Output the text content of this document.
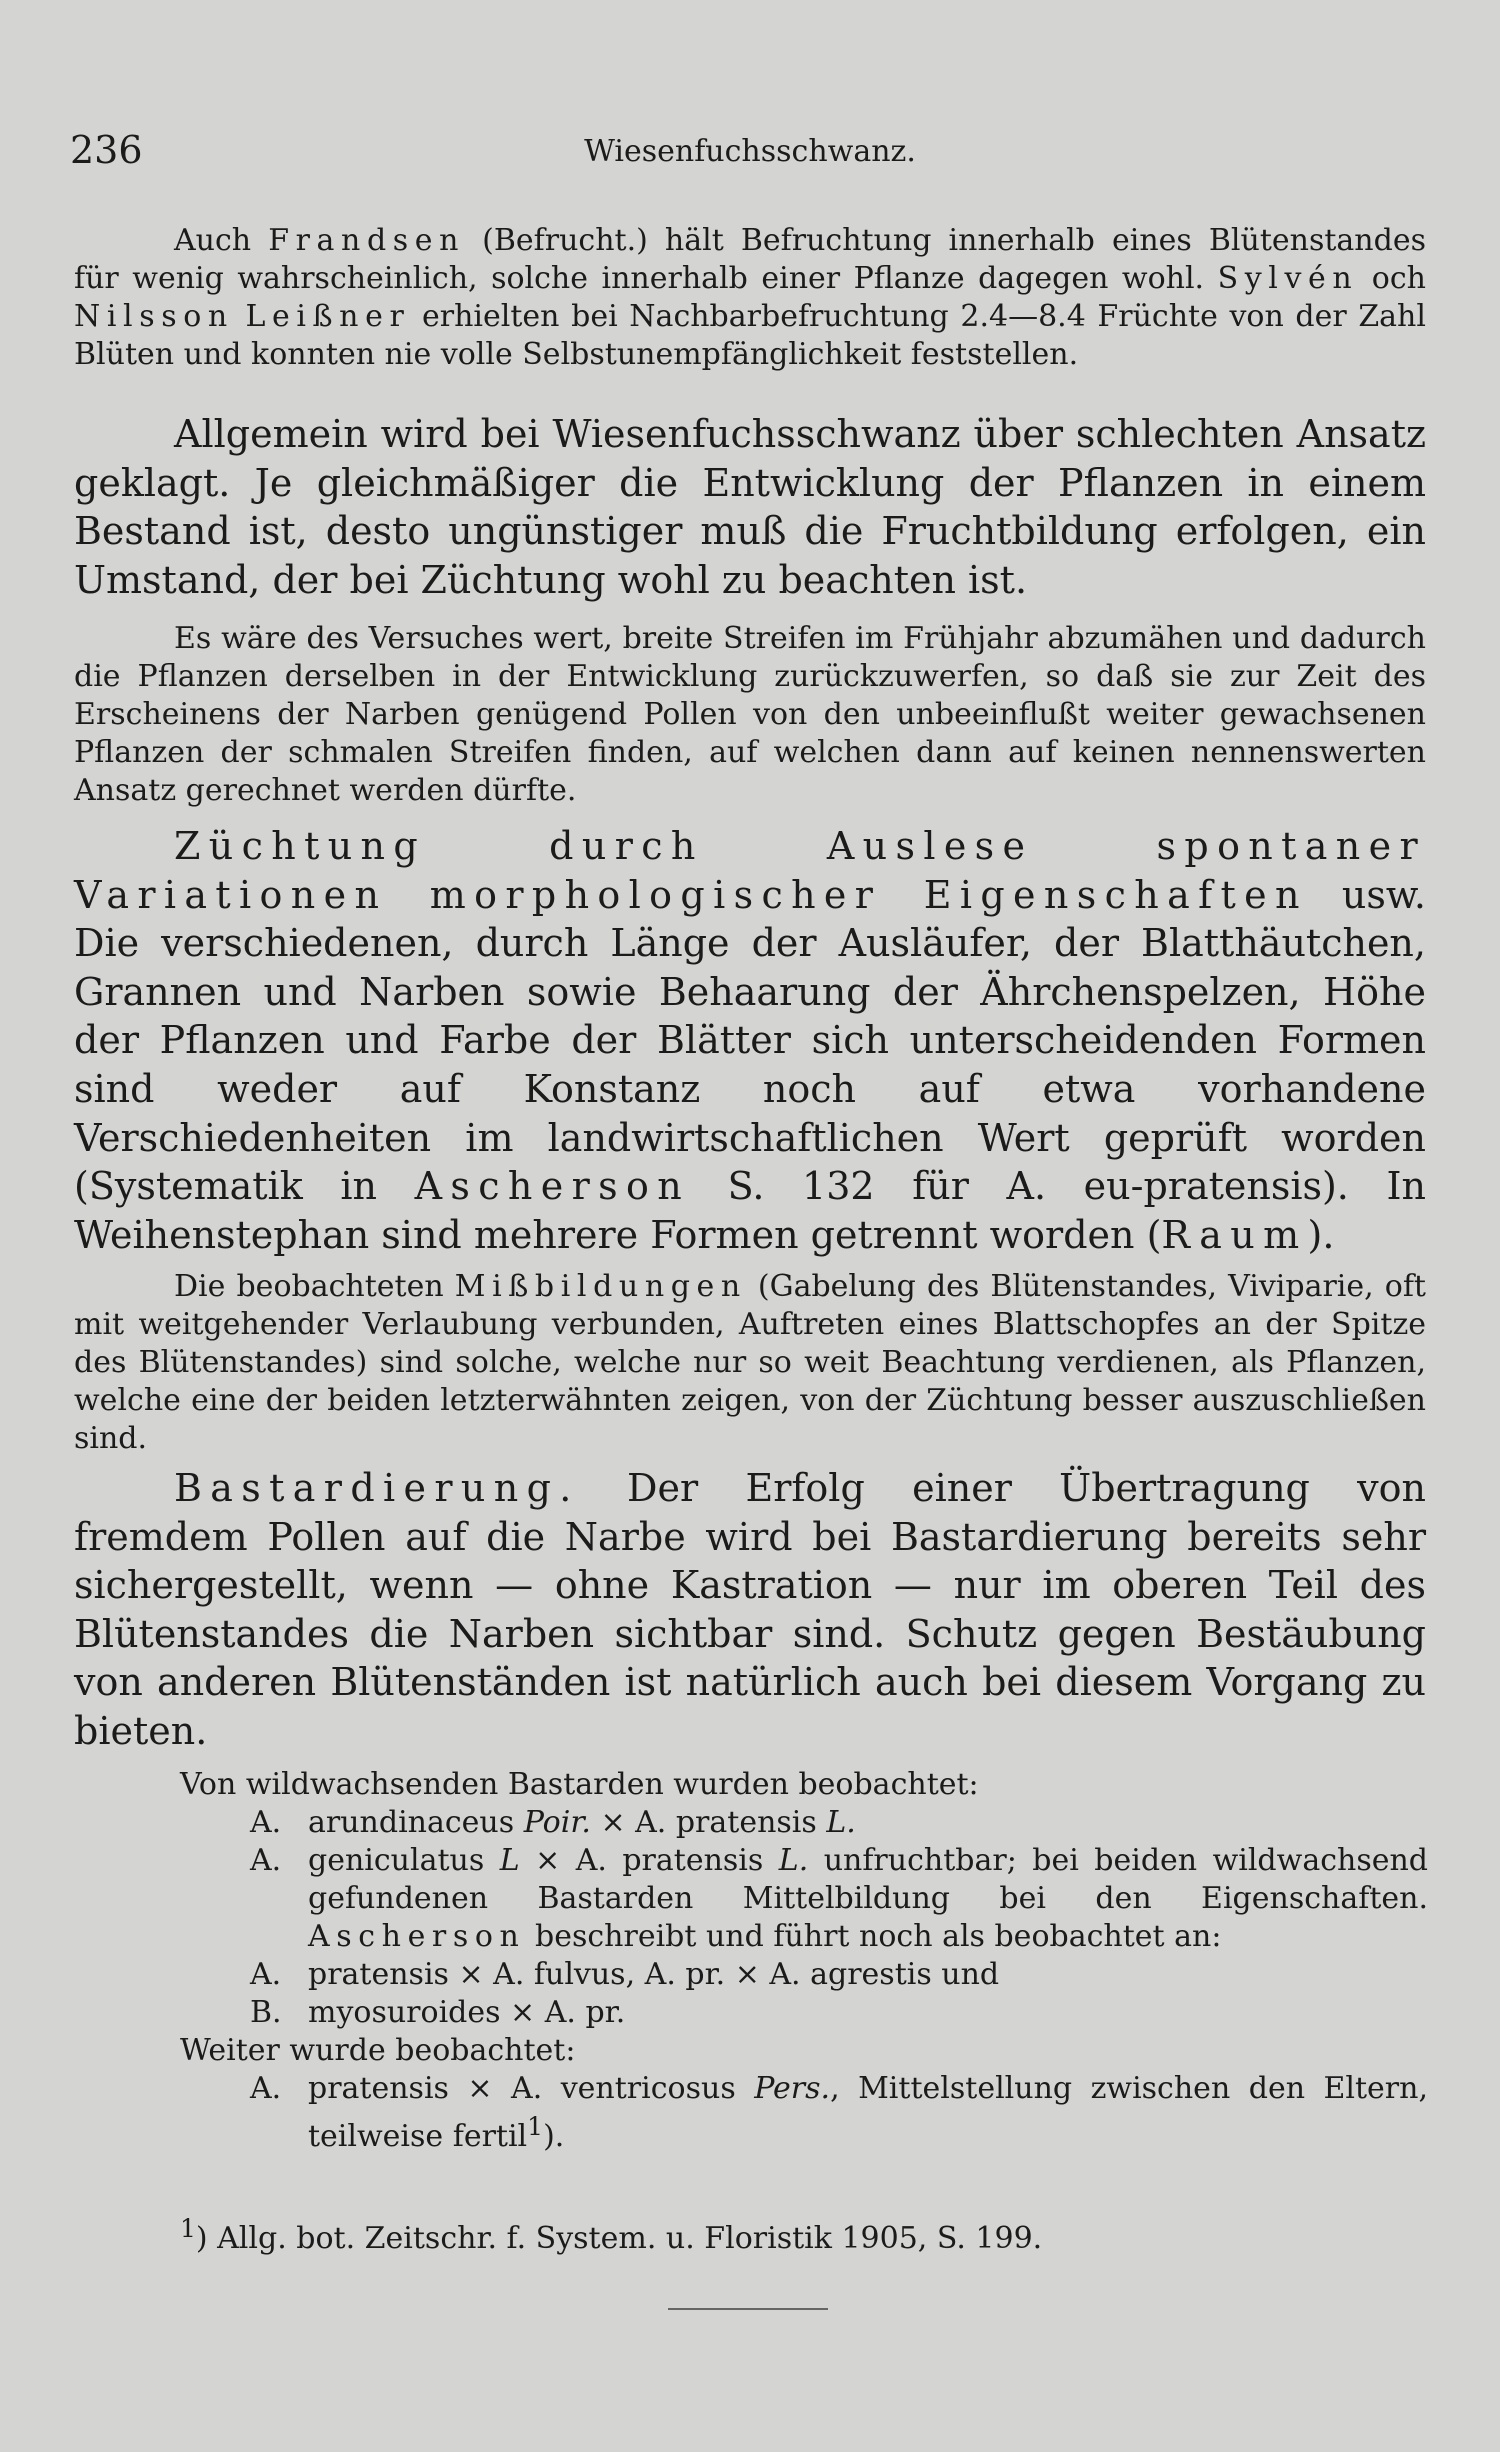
236	Wiesenfuchsschwanz.

Auch Frandsen (Befrucht.) hält Befruchtung innerhalb eines Blütenstandes für wenig wahrscheinlich, solche innerhalb einer Pflanze dagegen wohl. Sylvén och Nilsson Leißner erhielten bei Nachbarbefruchtung 2.4—8.4 Früchte von der Zahl Blüten und konnten nie volle Selbstunempfänglichkeit feststellen.

Allgemein wird bei Wiesenfuchsschwanz über schlechten Ansatz geklagt. Je gleichmäßiger die Entwicklung der Pflanzen in einem Bestand ist, desto ungünstiger muß die Fruchtbildung erfolgen, ein Umstand, der bei Züchtung wohl zu beachten ist.

Es wäre des Versuches wert, breite Streifen im Frühjahr abzumähen und dadurch die Pflanzen derselben in der Entwicklung zurückzuwerfen, so daß sie zur Zeit des Erscheinens der Narben genügend Pollen von den unbeeinflußt weiter gewachsenen Pflanzen der schmalen Streifen finden, auf welchen dann auf keinen nennenswerten Ansatz gerechnet werden dürfte.

Züchtung durch Auslese spontaner Variationen morphologischer Eigenschaften usw. Die verschiedenen, durch Länge der Ausläufer, der Blatthäutchen, Grannen und Narben sowie Behaarung der Ährchenspelzen, Höhe der Pflanzen und Farbe der Blätter sich unterscheidenden Formen sind weder auf Konstanz noch auf etwa vorhandene Verschiedenheiten im landwirtschaftlichen Wert geprüft worden (Systematik in Ascherson S. 132 für A. eu-pratensis). In Weihenstephan sind mehrere Formen getrennt worden (Raum).

Die beobachteten Mißbildungen (Gabelung des Blütenstandes, Viviparie, oft mit weitgehender Verlaubung verbunden, Auftreten eines Blattschopfes an der Spitze des Blütenstandes) sind solche, welche nur so weit Beachtung verdienen, als Pflanzen, welche eine der beiden letzterwähnten zeigen, von der Züchtung besser auszuschließen sind.

Bastardierung. Der Erfolg einer Übertragung von fremdem Pollen auf die Narbe wird bei Bastardierung bereits sehr sichergestellt, wenn — ohne Kastration — nur im oberen Teil des Blütenstandes die Narben sichtbar sind. Schutz gegen Bestäubung von anderen Blütenständen ist natürlich auch bei diesem Vorgang zu bieten.

Von wildwachsenden Bastarden wurden beobachtet:

A. arundinaceus Poir. × A. pratensis L.

A. geniculatus L × A. pratensis L. unfruchtbar; bei beiden wildwachsend gefundenen Bastarden Mittelbildung bei den Eigenschaften. Ascherson beschreibt und führt noch als beobachtet an:

A. pratensis × A. fulvus, A. pr. × A. agrestis und

B. myosuroides × A. pr.

Weiter wurde beobachtet:

A. pratensis × A. ventricosus Pers., Mittelstellung zwischen den Eltern, teilweise fertil$^1$).

$^1$) Allg. bot. Zeitschr. f. System. u. Floristik 1905, S. 199.
